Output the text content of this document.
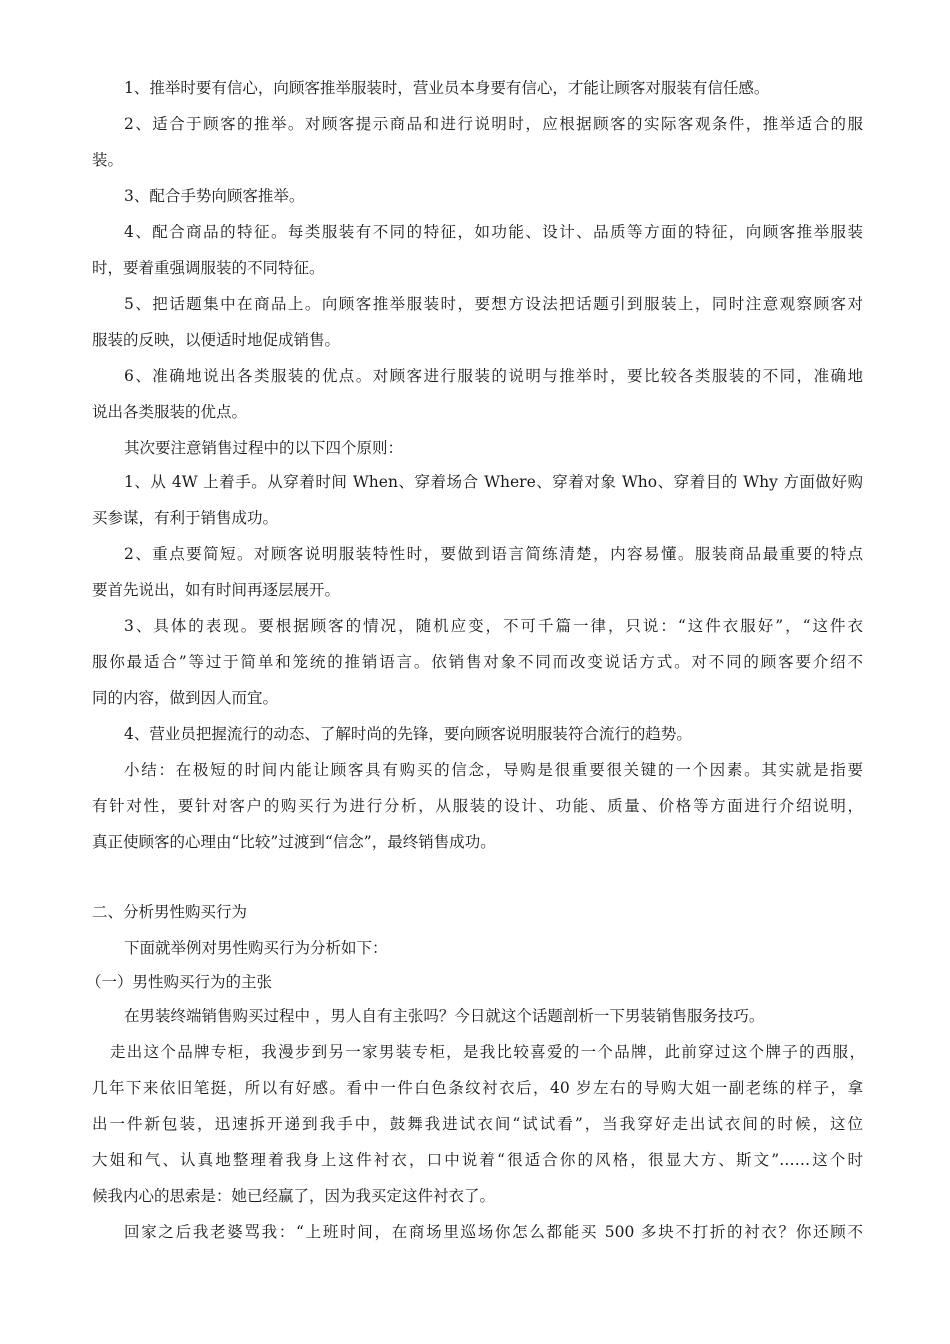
1、推举时要有信心，向顾客推举服装时，营业员本身要有信心，才能让顾客对服装有信任感。
2、适合于顾客的推举。对顾客提示商品和进行说明时，应根据顾客的实际客观条件，推举适合的服
装。
3、配合手势向顾客推举。
4、配合商品的特征。每类服装有不同的特征，如功能、设计、品质等方面的特征，向顾客推举服装
时，要着重强调服装的不同特征。
5、把话题集中在商品上。向顾客推举服装时，要想方设法把话题引到服装上，同时注意观察顾客对
服装的反映，以便适时地促成销售。
6、准确地说出各类服装的优点。对顾客进行服装的说明与推举时，要比较各类服装的不同，准确地
说出各类服装的优点。
其次要注意销售过程中的以下四个原则：
1、从 4W 上着手。从穿着时间 When、穿着场合 Where、穿着对象 Who、穿着目的 Why 方面做好购
买参谋，有利于销售成功。
2、重点要简短。对顾客说明服装特性时，要做到语言简练清楚，内容易懂。服装商品最重要的特点
要首先说出，如有时间再逐层展开。
3、具体的表现。要根据顾客的情况，随机应变，不可千篇一律，只说：“这件衣服好”，“这件衣
服你最适合”等过于简单和笼统的推销语言。依销售对象不同而改变说话方式。对不同的顾客要介绍不
同的内容，做到因人而宜。
4、营业员把握流行的动态、了解时尚的先锋，要向顾客说明服装符合流行的趋势。
小结：在极短的时间内能让顾客具有购买的信念，导购是很重要很关键的一个因素。其实就是指要
有针对性，要针对客户的购买行为进行分析，从服装的设计、功能、质量、价格等方面进行介绍说明，
真正使顾客的心理由“比较”过渡到“信念”，最终销售成功。
二、分析男性购买行为
下面就举例对男性购买行为分析如下：
（一）男性购买行为的主张
在男装终端销售购买过程中 ，男人自有主张吗？今日就这个话题剖析一下男装销售服务技巧。
走出这个品牌专柜，我漫步到另一家男装专柜，是我比较喜爱的一个品牌，此前穿过这个牌子的西服，
几年下来依旧笔挺，所以有好感。看中一件白色条纹衬衣后，40 岁左右的导购大姐一副老练的样子，拿
出一件新包装，迅速拆开递到我手中，鼓舞我进试衣间“试试看”，当我穿好走出试衣间的时候，这位
大姐和气、认真地整理着我身上这件衬衣，口中说着“很适合你的风格，很显大方、斯文”……这个时
候我内心的思索是：她已经赢了，因为我买定这件衬衣了。
回家之后我老婆骂我：“上班时间，在商场里巡场你怎么都能买 500 多块不打折的衬衣？你还顾不
